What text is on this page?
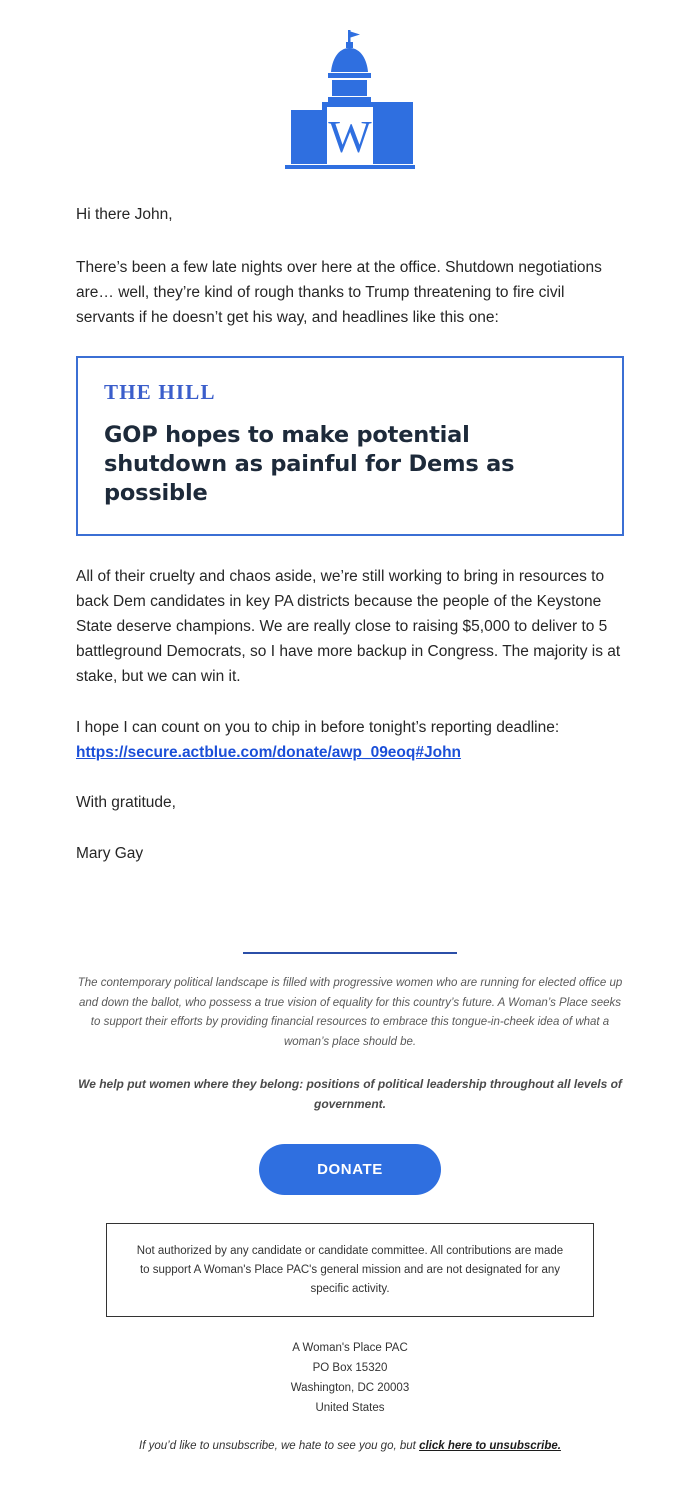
W

Hi there John,

There’s been a few late nights over here at the office. Shutdown negotiations are… well, they’re kind of rough thanks to Trump threatening to fire civil servants if he doesn’t get his way, and headlines like this one:

THE HILL
GOP hopes to make potential shutdown as painful for Dems as possible

All of their cruelty and chaos aside, we’re still working to bring in resources to back Dem candidates in key PA districts because the people of the Keystone State deserve champions. We are really close to raising $5,000 to deliver to 5 battleground Democrats, so I have more backup in Congress. The majority is at stake, but we can win it.

I hope I can count on you to chip in before tonight’s reporting deadline:
https://secure.actblue.com/donate/awp_09eoq#John

With gratitude,

Mary Gay

The contemporary political landscape is filled with progressive women who are running for elected office up and down the ballot, who possess a true vision of equality for this country’s future. A Woman’s Place seeks to support their efforts by providing financial resources to embrace this tongue-in-cheek idea of what a woman’s place should be.

We help put women where they belong: positions of political leadership throughout all levels of government.

DONATE
Not authorized by any candidate or candidate committee. All contributions are made to support A Woman's Place PAC's general mission and are not designated for any specific activity.
A Woman's Place PAC
PO Box 15320
Washington, DC 20003
United States
If you’d like to unsubscribe, we hate to see you go, but click here to unsubscribe.
